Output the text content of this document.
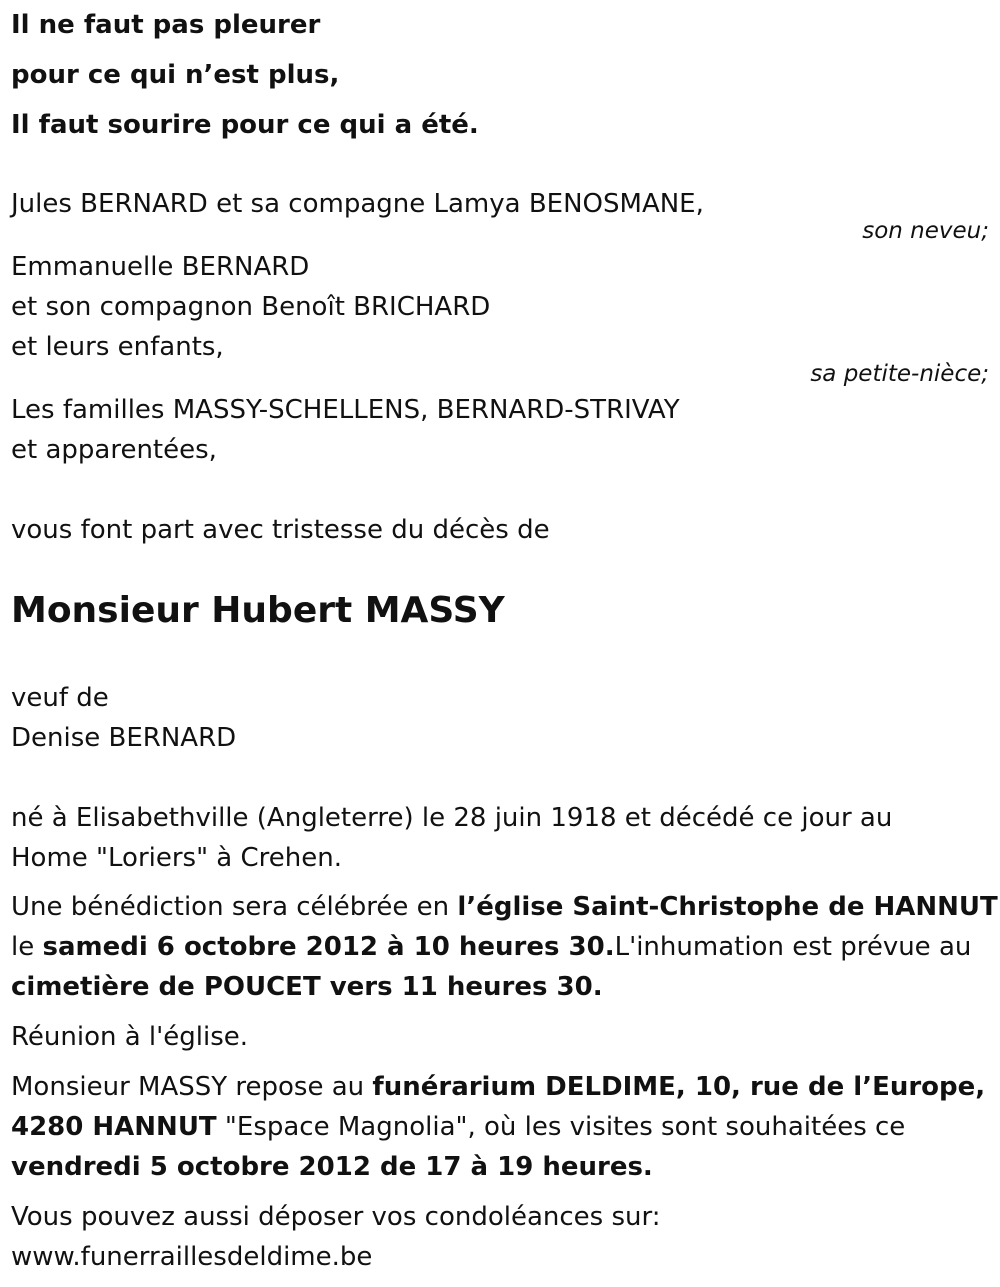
Il ne faut pas pleurer
pour ce qui n’est plus,
Il faut sourire pour ce qui a été.
Jules BERNARD et sa compagne Lamya BENOSMANE,
son neveu;
Emmanuelle BERNARD
et son compagnon Benoît BRICHARD
et leurs enfants,
sa petite-nièce;
Les familles MASSY-SCHELLENS, BERNARD-STRIVAY
et apparentées,
vous font part avec tristesse du décès de
Monsieur Hubert MASSY
veuf de
Denise BERNARD
né à Elisabethville (Angleterre) le 28 juin 1918 et décédé ce jour au
Home "Loriers" à Crehen.
Une bénédiction sera célébrée en l’église Saint-Christophe de HANNUT
le samedi 6 octobre 2012 à 10 heures 30.L'inhumation est prévue au
cimetière de POUCET vers 11 heures 30.
Réunion à l'église.
Monsieur MASSY repose au funérarium DELDIME, 10, rue de l’Europe,
4280 HANNUT "Espace Magnolia", où les visites sont souhaitées ce
vendredi 5 octobre 2012 de 17 à 19 heures.
Vous pouvez aussi déposer vos condoléances sur:
www.funerraillesdeldime.be
